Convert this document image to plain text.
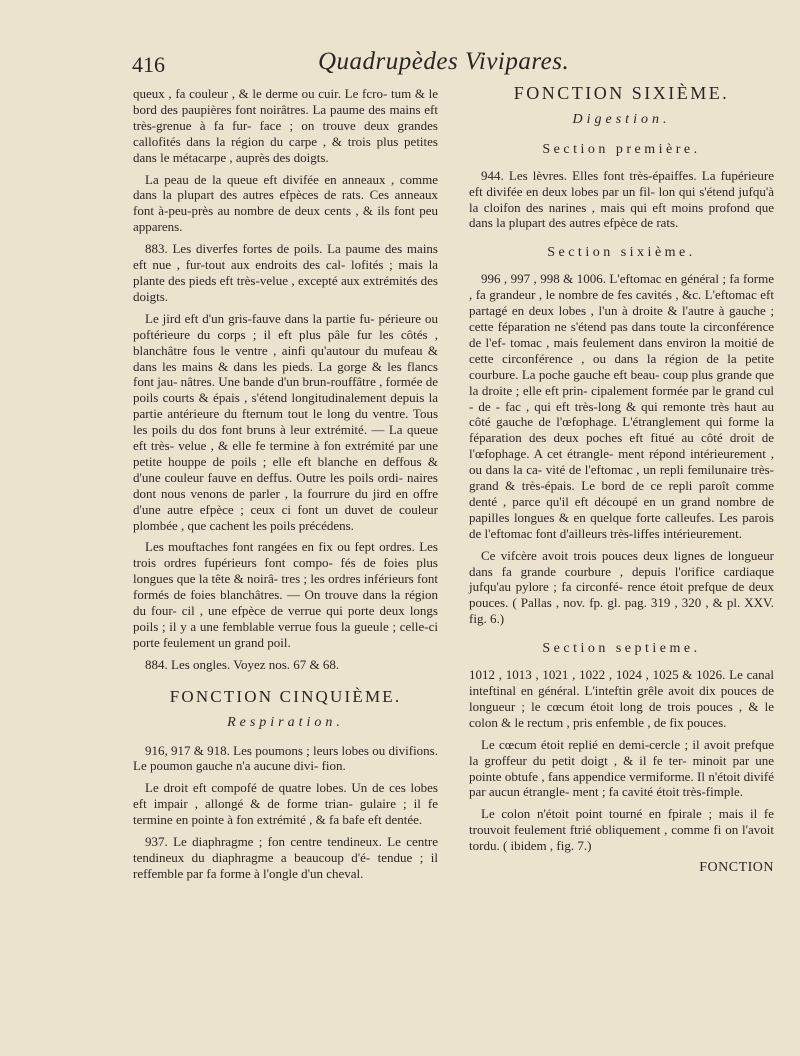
416	Quadrupèdes Vivipares.

queux , fa couleur , & le derme ou cuir. Le fcro- tum & le bord des paupières font noirâtres. La paume des mains eft très-grenue à fa fur- face ; on trouve deux grandes callofités dans la région du carpe , & trois plus petites dans le métacarpe , auprès des doigts.

La peau de la queue eft divifée en anneaux , comme dans la plupart des autres efpèces de rats. Ces anneaux font à-peu-près au nombre de deux cents , & ils font peu apparens.

883. Les diverfes fortes de poils. La paume des mains eft nue , fur-tout aux endroits des cal- lofités ; mais la plante des pieds eft très-velue , excepté aux extrémités des doigts.

Le jird eft d'un gris-fauve dans la partie fu- périeure ou poftérieure du corps ; il eft plus pâle fur les côtés , blanchâtre fous le ventre , ainfi qu'autour du mufeau & dans les mains & dans les pieds. La gorge & les flancs font jau- nâtres. Une bande d'un brun-rouffâtre , formée de poils courts & épais , s'étend longitudinalement depuis la partie antérieure du fternum tout le long du ventre. Tous les poils du dos font bruns à leur extrémité. — La queue eft très- velue , & elle fe termine à fon extrémité par une petite houppe de poils ; elle eft blanche en deffous & d'une couleur fauve en deffus. Outre les poils ordi- naires dont nous venons de parler , la fourrure du jird en offre d'une autre efpèce ; ceux ci font un duvet de couleur plombée , que cachent les poils précédens.

Les mouftaches font rangées en fix ou fept ordres. Les trois ordres fupérieurs font compo- fés de foies plus longues que la tête & noirâ- tres ; les ordres inférieurs font formés de foies blanchâtres. — On trouve dans la région du four- cil , une efpèce de verrue qui porte deux longs poils ; il y a une femblable verrue fous la gueule ; celle-ci porte feulement un grand poil.

884. Les ongles. Voyez nos. 67 & 68.

FONCTION CINQUIÈME.
Respiration.

916, 917 & 918. Les poumons ; leurs lobes ou divifions. Le poumon gauche n'a aucune divi- fion.

Le droit eft compofé de quatre lobes. Un de ces lobes eft impair , allongé & de forme trian- gulaire ; il fe termine en pointe à fon extrémité , & fa bafe eft dentée.

937. Le diaphragme ; fon centre tendineux. Le centre tendineux du diaphragme a beaucoup d'é- tendue ; il reffemble par fa forme à l'ongle d'un cheval.

FONCTION SIXIÈME.
Digestion.
Section première.

944. Les lèvres. Elles font très-épaiffes. La fupérieure eft divifée en deux lobes par un fil- lon qui s'étend jufqu'à la cloifon des narines , mais qui eft moins profond que dans la plupart des autres efpèce de rats.

Section sixième.

996 , 997 , 998 & 1006. L'eftomac en général ; fa forme , fa grandeur , le nombre de fes cavités , &c. L'eftomac eft partagé en deux lobes , l'un à droite & l'autre à gauche ; cette féparation ne s'étend pas dans toute la circonférence de l'ef- tomac , mais feulement dans environ la moitié de cette circonférence , ou dans la région de la petite courbure. La poche gauche eft beau- coup plus grande que la droite ; elle eft prin- cipalement formée par le grand cul - de - fac , qui eft très-long & qui remonte très haut au côté gauche de l'œfophage. L'étranglement qui forme la féparation des deux poches eft fitué au côté droit de l'œfophage. A cet étrangle- ment répond intérieurement , ou dans la ca- vité de l'eftomac , un repli femilunaire très- grand & très-épais. Le bord de ce repli paroît comme denté , parce qu'il eft découpé en un grand nombre de papilles longues & en quelque forte calleufes. Les parois de l'eftomac font d'ailleurs très-liffes intérieurement.

Ce vifcère avoit trois pouces deux lignes de longueur dans fa grande courbure , depuis l'orifice cardiaque jufqu'au pylore ; fa circonfé- rence étoit prefque de deux pouces. ( Pallas , nov. fp. gl. pag. 319 , 320 , & pl. XXV. fig. 6.)

Section septieme.

1012 , 1013 , 1021 , 1022 , 1024 , 1025 & 1026. Le canal inteftinal en général. L'inteftin grêle avoit dix pouces de longueur ; le cœcum étoit long de trois pouces , & le colon & le rectum , pris enfemble , de fix pouces.

Le cœcum étoit replié en demi-cercle ; il avoit prefque la groffeur du petit doigt , & il fe ter- minoit par une pointe obtufe , fans appendice vermiforme. Il n'étoit divifé par aucun étrangle- ment ; fa cavité étoit très-fimple.

Le colon n'étoit point tourné en fpirale ; mais il fe trouvoit feulement ftrié obliquement , comme fi on l'avoit tordu. ( ibidem , fig. 7.)

FONCTION
